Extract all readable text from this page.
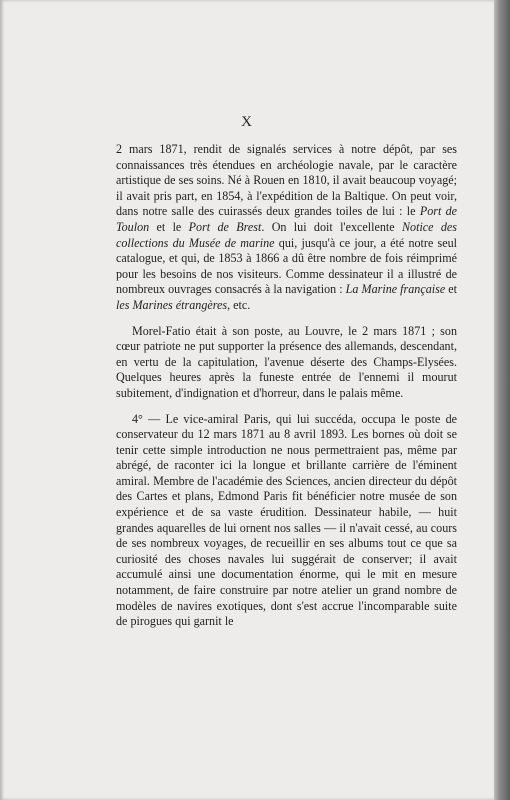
X

2 mars 1871, rendit de signalés services à notre dépôt, par ses connaissances très étendues en archéologie navale, par le caractère artistique de ses soins. Né à Rouen en 1810, il avait beaucoup voyagé; il avait pris part, en 1854, à l'expédition de la Baltique. On peut voir, dans notre salle des cuirassés deux grandes toiles de lui : le Port de Toulon et le Port de Brest. On lui doit l'excellente Notice des collections du Musée de marine qui, jusqu'à ce jour, a été notre seul catalogue, et qui, de 1853 à 1866 a dû être nombre de fois réimprimé pour les besoins de nos visiteurs. Comme dessinateur il a illustré de nombreux ouvrages consacrés à la navigation : La Marine française et les Marines étrangères, etc.

Morel-Fatio était à son poste, au Louvre, le 2 mars 1871 ; son cœur patriote ne put supporter la présence des allemands, descendant, en vertu de la capitulation, l'avenue déserte des Champs-Elysées. Quelques heures après la funeste entrée de l'ennemi il mourut subitement, d'indignation et d'horreur, dans le palais même.

4° — Le vice-amiral Paris, qui lui succéda, occupa le poste de conservateur du 12 mars 1871 au 8 avril 1893. Les bornes où doit se tenir cette simple introduction ne nous permettraient pas, même par abrégé, de raconter ici la longue et brillante carrière de l'éminent amiral. Membre de l'académie des Sciences, ancien directeur du dépôt des Cartes et plans, Edmond Paris fit bénéficier notre musée de son expérience et de sa vaste érudition. Dessinateur habile, — huit grandes aquarelles de lui ornent nos salles — il n'avait cessé, au cours de ses nombreux voyages, de recueillir en ses albums tout ce que sa curiosité des choses navales lui suggérait de conserver; il avait accumulé ainsi une documentation énorme, qui le mit en mesure notamment, de faire construire par notre atelier un grand nombre de modèles de navires exotiques, dont s'est accrue l'incomparable suite de pirogues qui garnit le
